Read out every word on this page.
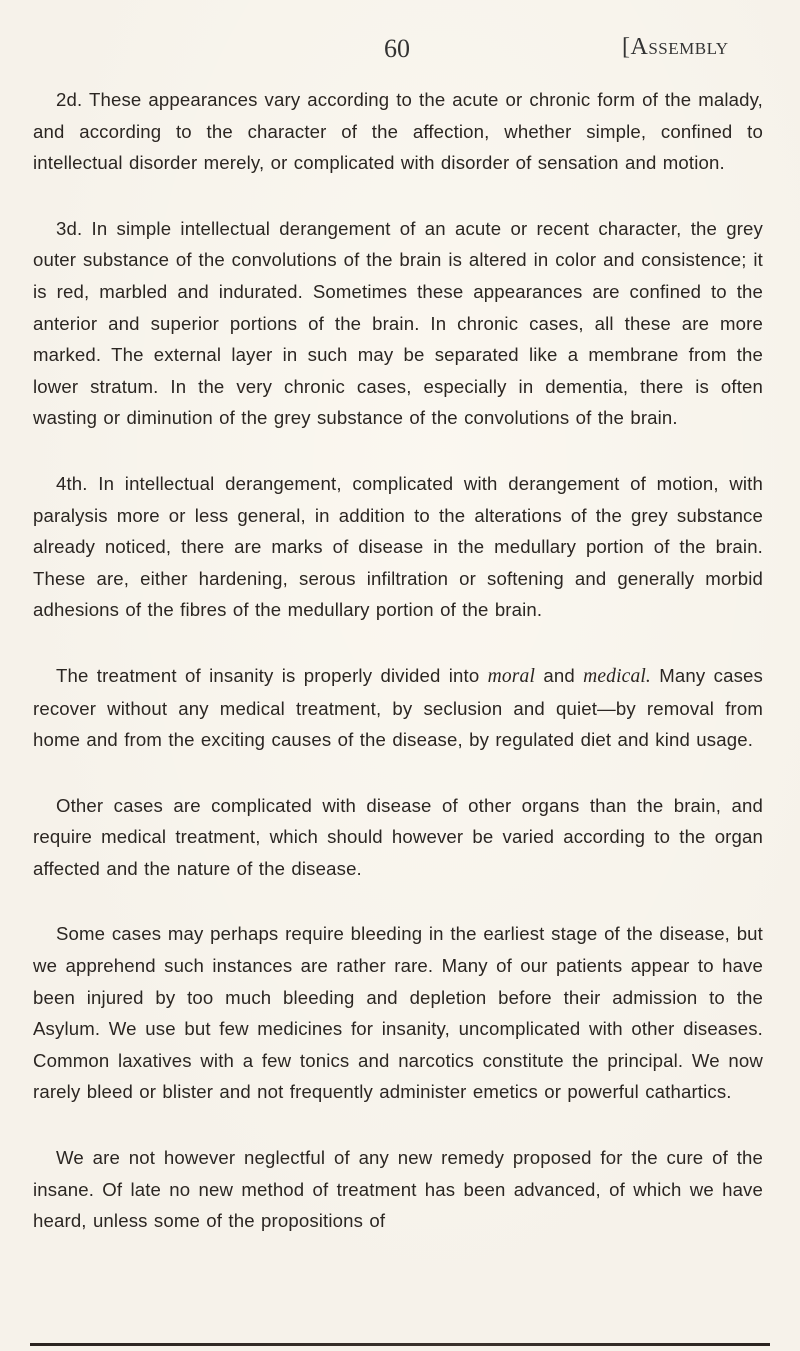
60	[Assembly

2d. These appearances vary according to the acute or chronic form of the malady, and according to the character of the affection, whether simple, confined to intellectual disorder merely, or complicated with disorder of sensation and motion.

3d. In simple intellectual derangement of an acute or recent character, the grey outer substance of the convolutions of the brain is altered in color and consistence; it is red, marbled and indurated. Sometimes these appearances are confined to the anterior and superior portions of the brain. In chronic cases, all these are more marked. The external layer in such may be separated like a membrane from the lower stratum. In the very chronic cases, especially in dementia, there is often wasting or diminution of the grey substance of the convolutions of the brain.

4th. In intellectual derangement, complicated with derangement of motion, with paralysis more or less general, in addition to the alterations of the grey substance already noticed, there are marks of disease in the medullary portion of the brain. These are, either hardening, serous infiltration or softening and generally morbid adhesions of the fibres of the medullary portion of the brain.

The treatment of insanity is properly divided into moral and medical. Many cases recover without any medical treatment, by seclusion and quiet—by removal from home and from the exciting causes of the disease, by regulated diet and kind usage.

Other cases are complicated with disease of other organs than the brain, and require medical treatment, which should however be varied according to the organ affected and the nature of the disease.

Some cases may perhaps require bleeding in the earliest stage of the disease, but we apprehend such instances are rather rare. Many of our patients appear to have been injured by too much bleeding and depletion before their admission to the Asylum. We use but few medicines for insanity, uncomplicated with other diseases. Common laxatives with a few tonics and narcotics constitute the principal. We now rarely bleed or blister and not frequently administer emetics or powerful cathartics.

We are not however neglectful of any new remedy proposed for the cure of the insane. Of late no new method of treatment has been advanced, of which we have heard, unless some of the propositions of
